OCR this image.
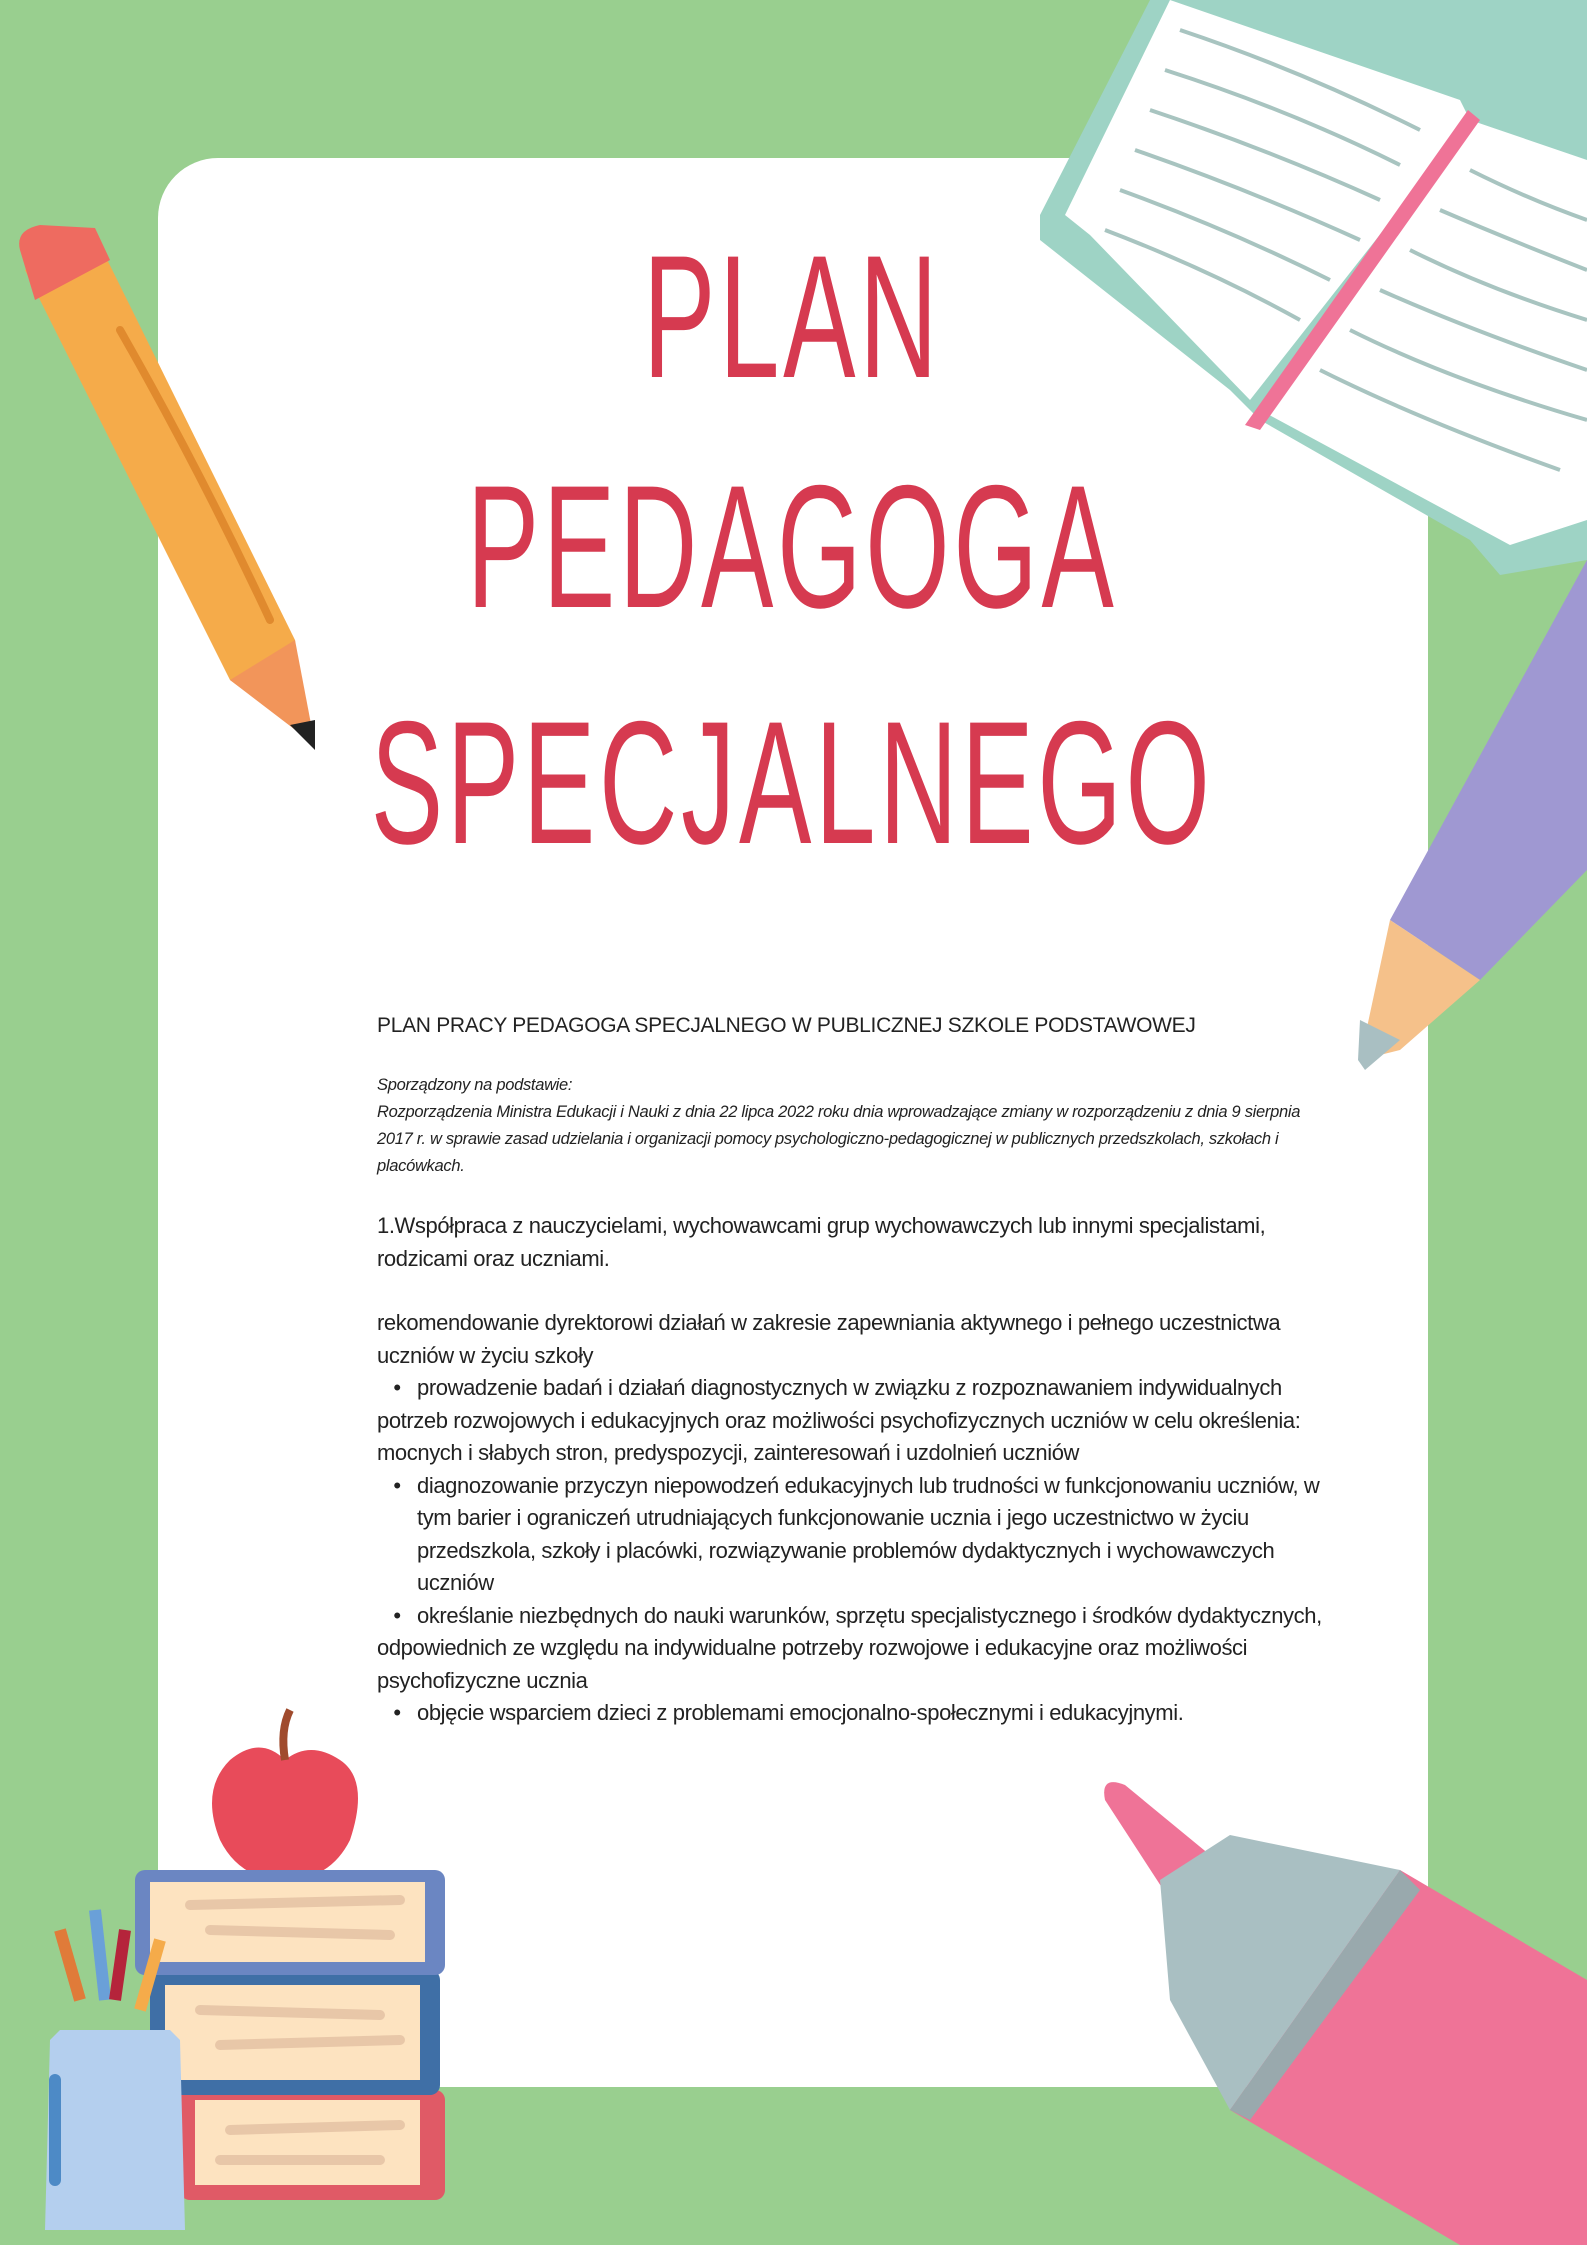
PLAN
PEDAGOGA
SPECJALNEGO
PLAN PRACY PEDAGOGA SPECJALNEGO W PUBLICZNEJ SZKOLE PODSTAWOWEJ
Sporządzony na podstawie:
Rozporządzenia Ministra Edukacji i Nauki z dnia 22 lipca 2022 roku dnia wprowadzające zmiany w rozporządzeniu z dnia 9 sierpnia 2017 r. w sprawie zasad udzielania i organizacji pomocy psychologiczno-pedagogicznej w publicznych przedszkolach, szkołach i placówkach.
1.Współpraca z nauczycielami, wychowawcami grup wychowawczych lub innymi specjalistami, rodzicami oraz uczniami.
rekomendowanie dyrektorowi działań w zakresie zapewniania aktywnego i pełnego uczestnictwa uczniów w życiu szkoły
• prowadzenie badań i działań diagnostycznych w związku z rozpoznawaniem indywidualnych potrzeb rozwojowych i edukacyjnych oraz możliwości psychofizycznych uczniów w celu określenia: mocnych i słabych stron, predyspozycji, zainteresowań i uzdolnień uczniów
• diagnozowanie przyczyn niepowodzeń edukacyjnych lub trudności w funkcjonowaniu uczniów, w tym barier i ograniczeń utrudniających funkcjonowanie ucznia i jego uczestnictwo w życiu przedszkola, szkoły i placówki, rozwiązywanie problemów dydaktycznych i wychowawczych uczniów
• określanie niezbędnych do nauki warunków, sprzętu specjalistycznego i środków dydaktycznych, odpowiednich ze względu na indywidualne potrzeby rozwojowe i edukacyjne oraz możliwości psychofizyczne ucznia
• objęcie wsparciem dzieci z problemami emocjonalno-społecznymi i edukacyjnymi.
